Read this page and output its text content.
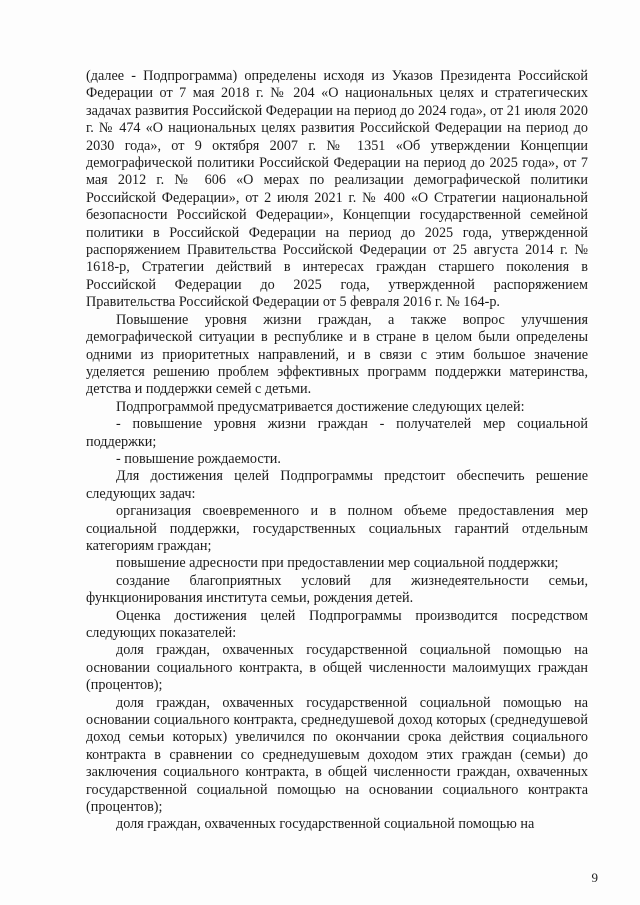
(далее - Подпрограмма) определены исходя из Указов Президента Российской Федерации от 7 мая 2018 г. № 204 «О национальных целях и стратегических задачах развития Российской Федерации на период до 2024 года», от 21 июля 2020 г. № 474 «О национальных целях развития Российской Федерации на период до 2030 года», от 9 октября 2007 г. № 1351 «Об утверждении Концепции демографической политики Российской Федерации на период до 2025 года», от 7 мая 2012 г. № 606 «О мерах по реализации демографической политики Российской Федерации», от 2 июля 2021 г. № 400 «О Стратегии национальной безопасности Российской Федерации», Концепции государственной семейной политики в Российской Федерации на период до 2025 года, утвержденной распоряжением Правительства Российской Федерации от 25 августа 2014 г. № 1618-р, Стратегии действий в интересах граждан старшего поколения в Российской Федерации до 2025 года, утвержденной распоряжением Правительства Российской Федерации от 5 февраля 2016 г. № 164-р.

Повышение уровня жизни граждан, а также вопрос улучшения демографической ситуации в республике и в стране в целом были определены одними из приоритетных направлений, и в связи с этим большое значение уделяется решению проблем эффективных программ поддержки материнства, детства и поддержки семей с детьми.

Подпрограммой предусматривается достижение следующих целей:

- повышение уровня жизни граждан - получателей мер социальной поддержки;

- повышение рождаемости.

Для достижения целей Подпрограммы предстоит обеспечить решение следующих задач:

организация своевременного и в полном объеме предоставления мер социальной поддержки, государственных социальных гарантий отдельным категориям граждан;

повышение адресности при предоставлении мер социальной поддержки;

создание благоприятных условий для жизнедеятельности семьи, функционирования института семьи, рождения детей.

Оценка достижения целей Подпрограммы производится посредством следующих показателей:

доля граждан, охваченных государственной социальной помощью на основании социального контракта, в общей численности малоимущих граждан (процентов);

доля граждан, охваченных государственной социальной помощью на основании социального контракта, среднедушевой доход которых (среднедушевой доход семьи которых) увеличился по окончании срока действия социального контракта в сравнении со среднедушевым доходом этих граждан (семьи) до заключения социального контракта, в общей численности граждан, охваченных государственной социальной помощью на основании социального контракта (процентов);

доля граждан, охваченных государственной социальной помощью на

9
